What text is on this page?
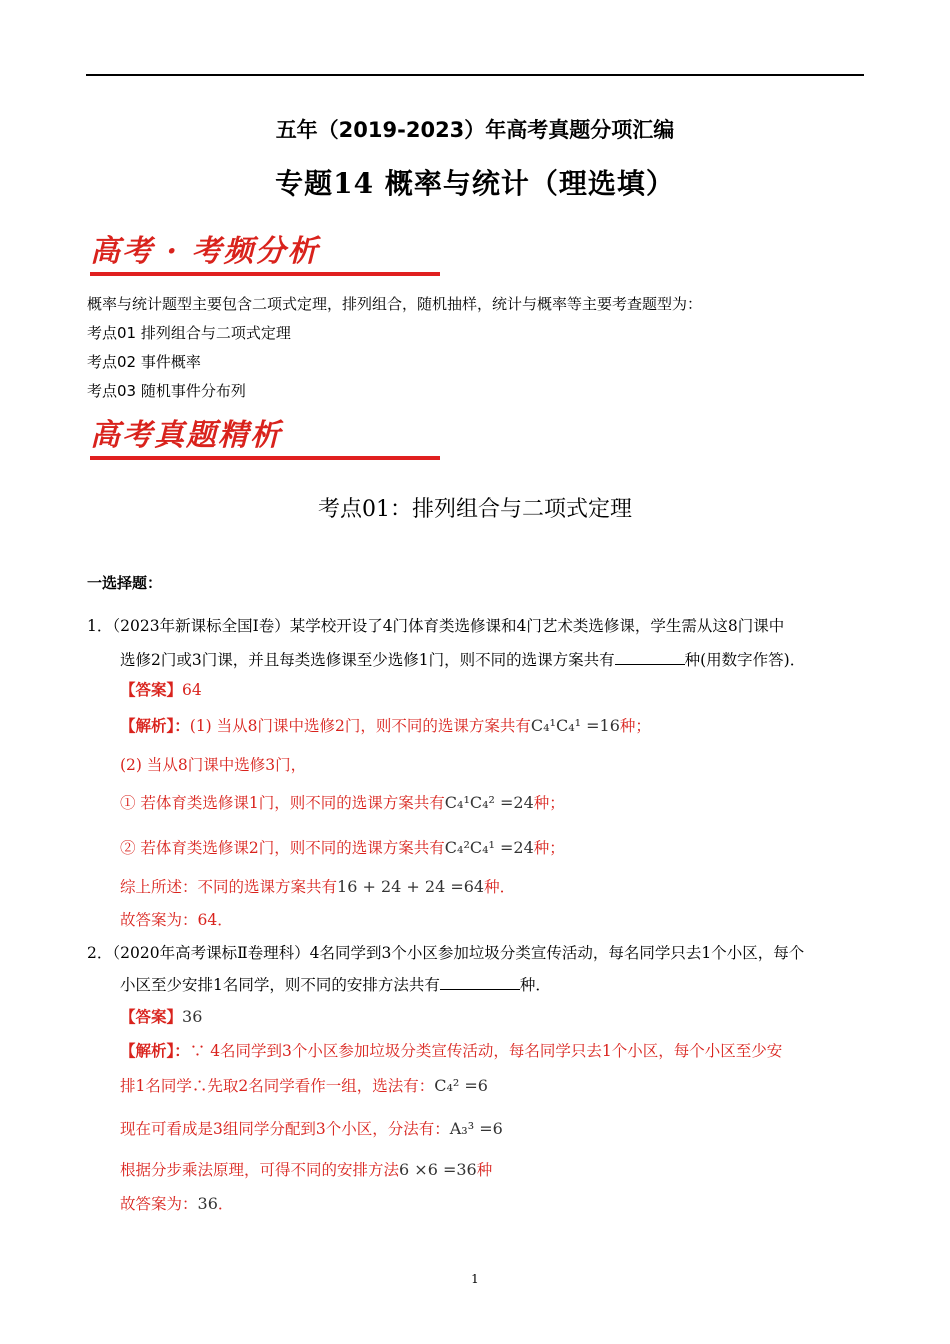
五年（2019-2023）年高考真题分项汇编
专题14 概率与统计（理选填）
高考 · 考频分析
概率与统计题型主要包含二项式定理，排列组合，随机抽样，统计与概率等主要考查题型为：
考点01 排列组合与二项式定理
考点02 事件概率
考点03 随机事件分布列
高考真题精析
考点01：排列组合与二项式定理
一选择题：
1．（2023年新课标全国Ⅰ卷）某学校开设了4门体育类选修课和4门艺术类选修课，学生需从这8门课中
选修2门或3门课，并且每类选修课至少选修1门，则不同的选课方案共有	种(用数字作答)．
【答案】64
【解析】：(1) 当从8门课中选修2门，则不同的选课方案共有C₄¹C₄¹ =16种；
(2) 当从8门课中选修3门，
① 若体育类选修课1门，则不同的选课方案共有C₄¹C₄² =24种；
② 若体育类选修课2门，则不同的选课方案共有C₄²C₄¹ =24种；
综上所述：不同的选课方案共有16 + 24 + 24 =64种．
故答案为：64．
2．（2020年高考课标Ⅱ卷理科）4名同学到3个小区参加垃圾分类宣传活动，每名同学只去1个小区，每个
小区至少安排1名同学，则不同的安排方法共有	种．
【答案】36
【解析】：∵ 4名同学到3个小区参加垃圾分类宣传活动，每名同学只去1个小区，每个小区至少安
排1名同学∴先取2名同学看作一组，选法有：C₄² =6
现在可看成是3组同学分配到3个小区，分法有：A₃³ =6
根据分步乘法原理，可得不同的安排方法6 ×6 =36种
故答案为：36．
1
